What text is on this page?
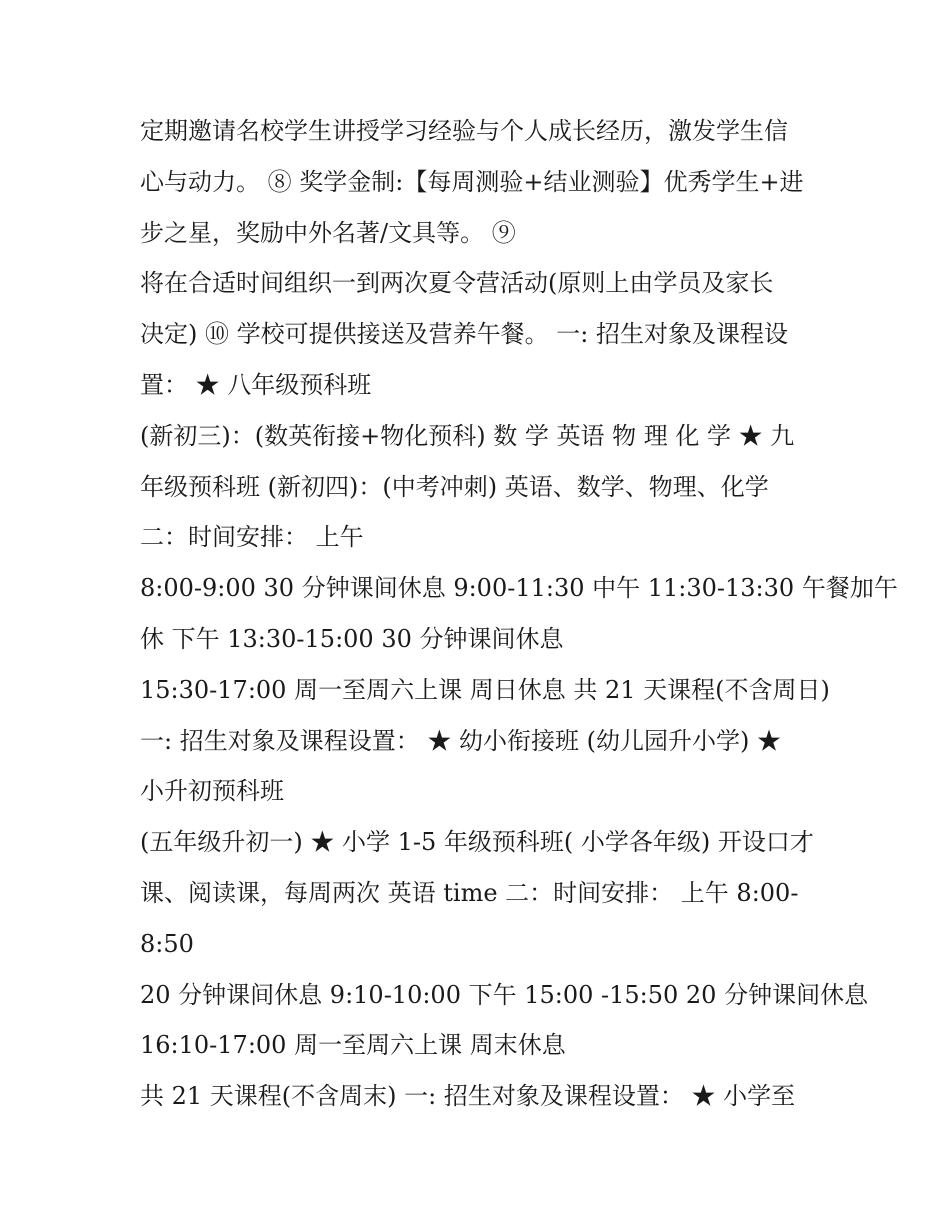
定期邀请名校学生讲授学习经验与个人成长经历，激发学生信
心与动力。 ⑧ 奖学金制:【每周测验+结业测验】优秀学生+进
步之星，奖励中外名著/文具等。 ⑨
将在合适时间组织一到两次夏令营活动(原则上由学员及家长
决定) ⑩ 学校可提供接送及营养午餐。 一: 招生对象及课程设
置： ★ 八年级预科班
(新初三)：(数英衔接+物化预科) 数 学 英语 物 理 化 学 ★ 九
年级预科班 (新初四)：(中考冲刺) 英语、数学、物理、化学
二：时间安排： 上午
8:00-9:00 30 分钟课间休息 9:00-11:30 中午 11:30-13:30 午餐加午
休 下午 13:30-15:00 30 分钟课间休息
15:30-17:00 周一至周六上课 周日休息 共 21 天课程(不含周日)
一: 招生对象及课程设置： ★ 幼小衔接班 (幼儿园升小学) ★
小升初预科班
(五年级升初一) ★ 小学 1-5 年级预科班( 小学各年级) 开设口才
课、阅读课，每周两次 英语 time 二：时间安排： 上午 8:00-
8:50
20 分钟课间休息 9:10-10:00 下午 15:00 -15:50 20 分钟课间休息
16:10-17:00 周一至周六上课 周末休息
共 21 天课程(不含周末) 一: 招生对象及课程设置： ★ 小学至
